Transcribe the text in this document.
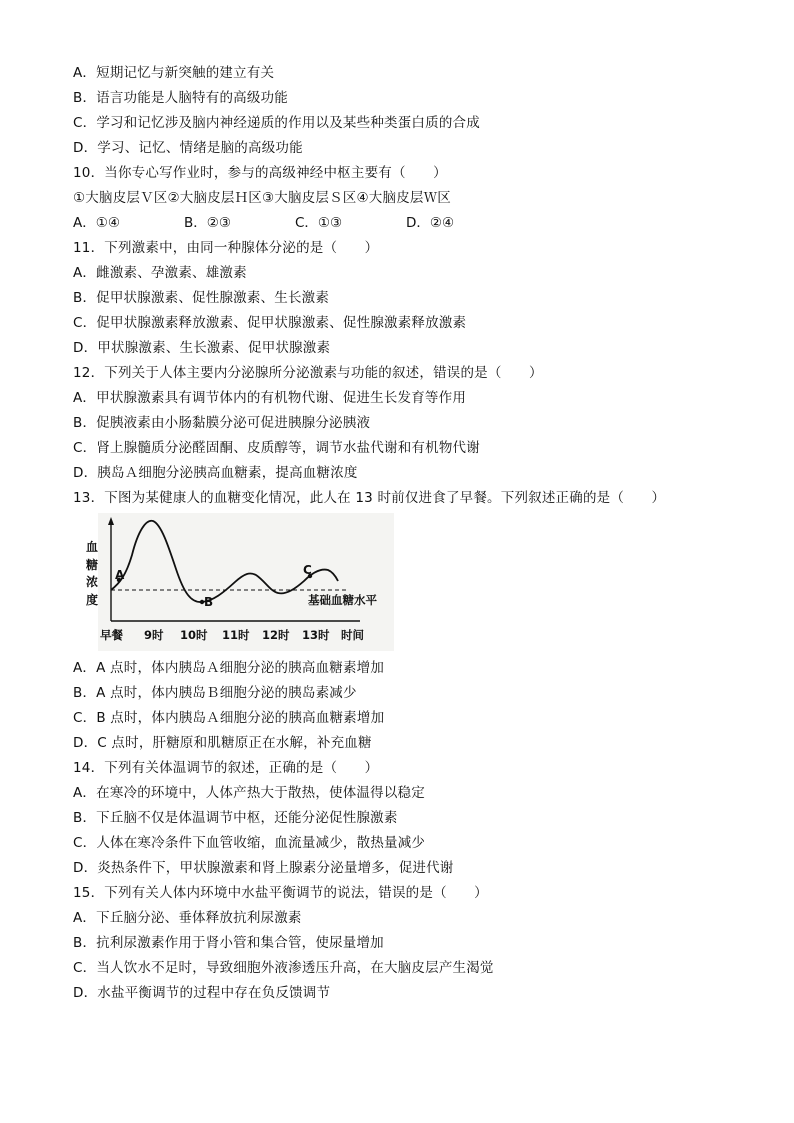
A．短期记忆与新突触的建立有关
B．语言功能是人脑特有的高级功能
C．学习和记忆涉及脑内神经递质的作用以及某些种类蛋白质的合成
D．学习、记忆、情绪是脑的高级功能
10．当你专心写作业时，参与的高级神经中枢主要有（　　）
①大脑皮层Ｖ区②大脑皮层Ｈ区③大脑皮层Ｓ区④大脑皮层Ｗ区
A．①④	B．②③	C．①③	D．②④
11．下列激素中，由同一种腺体分泌的是（　　）
A．雌激素、孕激素、雄激素
B．促甲状腺激素、促性腺激素、生长激素
C．促甲状腺激素释放激素、促甲状腺激素、促性腺激素释放激素
D．甲状腺激素、生长激素、促甲状腺激素
12．下列关于人体主要内分泌腺所分泌激素与功能的叙述，错误的是（　　）
A．甲状腺激素具有调节体内的有机物代谢、促进生长发育等作用
B．促胰液素由小肠黏膜分泌可促进胰腺分泌胰液
C．肾上腺髓质分泌醛固酮、皮质醇等，调节水盐代谢和有机物代谢
D．胰岛Ａ细胞分泌胰高血糖素，提高血糖浓度
13．下图为某健康人的血糖变化情况，此人在 13 时前仅进食了早餐。下列叙述正确的是（　　）
A
B
C
血
糖
浓
度	基础血糖水平
早餐 9时 10时 11时 12时 13时 时间
A．A 点时，体内胰岛Ａ细胞分泌的胰高血糖素增加
B．A 点时，体内胰岛Ｂ细胞分泌的胰岛素减少
C．B 点时，体内胰岛Ａ细胞分泌的胰高血糖素增加
D．C 点时，肝糖原和肌糖原正在水解，补充血糖
14．下列有关体温调节的叙述，正确的是（　　）
A．在寒冷的环境中，人体产热大于散热，使体温得以稳定
B．下丘脑不仅是体温调节中枢，还能分泌促性腺激素
C．人体在寒冷条件下血管收缩，血流量减少，散热量减少
D．炎热条件下，甲状腺激素和肾上腺素分泌量增多，促进代谢
15．下列有关人体内环境中水盐平衡调节的说法，错误的是（　　）
A．下丘脑分泌、垂体释放抗利尿激素
B．抗利尿激素作用于肾小管和集合管，使尿量增加
C．当人饮水不足时，导致细胞外液渗透压升高，在大脑皮层产生渴觉
D．水盐平衡调节的过程中存在负反馈调节
